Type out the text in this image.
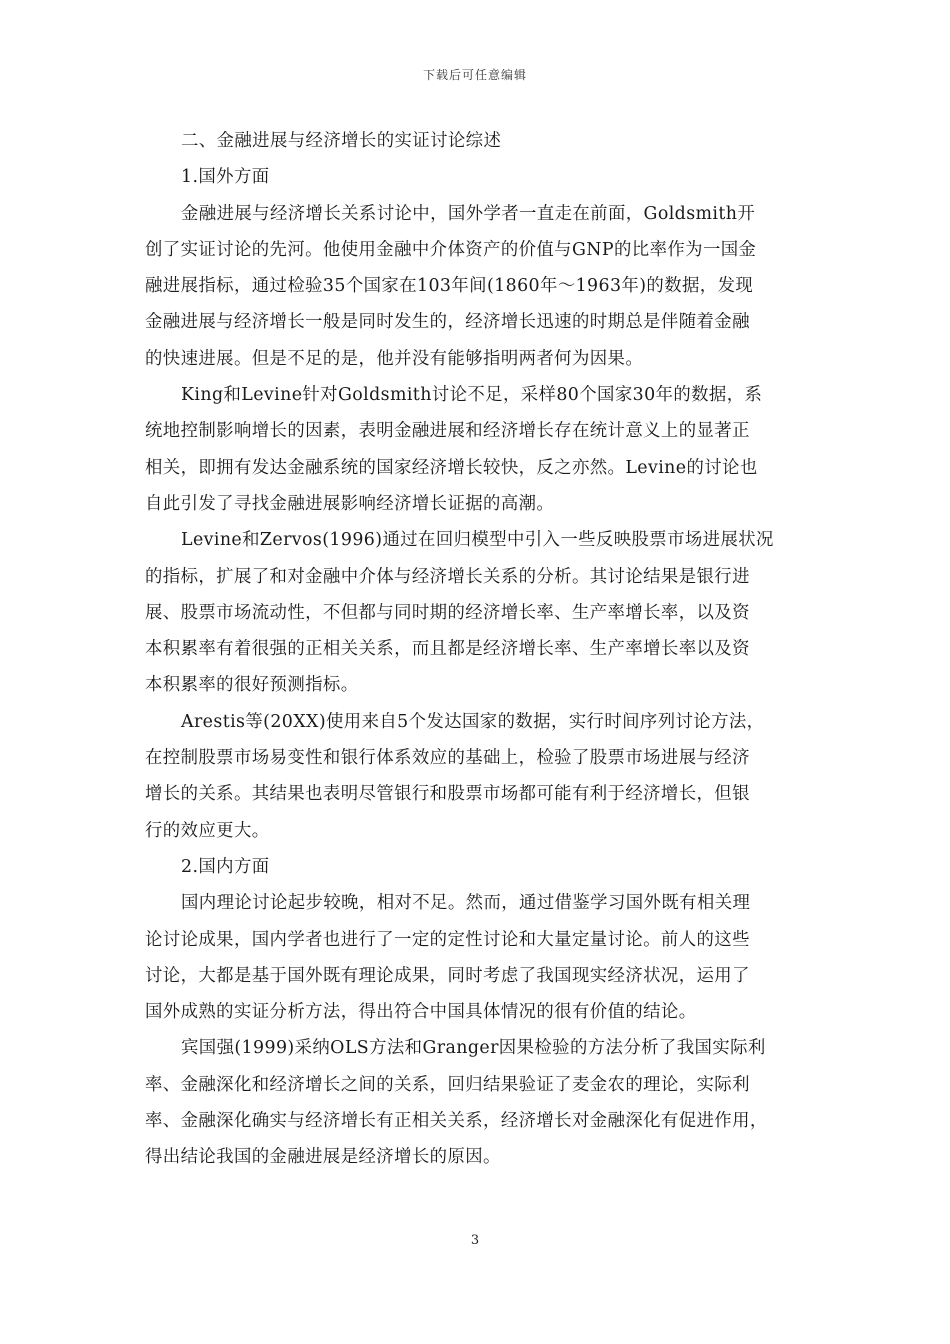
下载后可任意编辑
二、金融进展与经济增长的实证讨论综述
1.国外方面
金融进展与经济增长关系讨论中，国外学者一直走在前面，Goldsmith开
创了实证讨论的先河。他使用金融中介体资产的价值与GNP的比率作为一国金
融进展指标，通过检验35个国家在103年间(1860年～1963年)的数据，发现
金融进展与经济增长一般是同时发生的，经济增长迅速的时期总是伴随着金融
的快速进展。但是不足的是，他并没有能够指明两者何为因果。
King和Levine针对Goldsmith讨论不足，采样80个国家30年的数据，系
统地控制影响增长的因素，表明金融进展和经济增长存在统计意义上的显著正
相关，即拥有发达金融系统的国家经济增长较快，反之亦然。Levine的讨论也
自此引发了寻找金融进展影响经济增长证据的高潮。
Levine和Zervos(1996)通过在回归模型中引入一些反映股票市场进展状况
的指标，扩展了和对金融中介体与经济增长关系的分析。其讨论结果是银行进
展、股票市场流动性，不但都与同时期的经济增长率、生产率增长率，以及资
本积累率有着很强的正相关关系，而且都是经济增长率、生产率增长率以及资
本积累率的很好预测指标。
Arestis等(20XX)使用来自5个发达国家的数据，实行时间序列讨论方法，
在控制股票市场易变性和银行体系效应的基础上，检验了股票市场进展与经济
增长的关系。其结果也表明尽管银行和股票市场都可能有利于经济增长，但银
行的效应更大。
2.国内方面
国内理论讨论起步较晚，相对不足。然而，通过借鉴学习国外既有相关理
论讨论成果，国内学者也进行了一定的定性讨论和大量定量讨论。前人的这些
讨论，大都是基于国外既有理论成果，同时考虑了我国现实经济状况，运用了
国外成熟的实证分析方法，得出符合中国具体情况的很有价值的结论。
宾国强(1999)采纳OLS方法和Granger因果检验的方法分析了我国实际利
率、金融深化和经济增长之间的关系，回归结果验证了麦金农的理论，实际利
率、金融深化确实与经济增长有正相关关系，经济增长对金融深化有促进作用，
得出结论我国的金融进展是经济增长的原因。
3
